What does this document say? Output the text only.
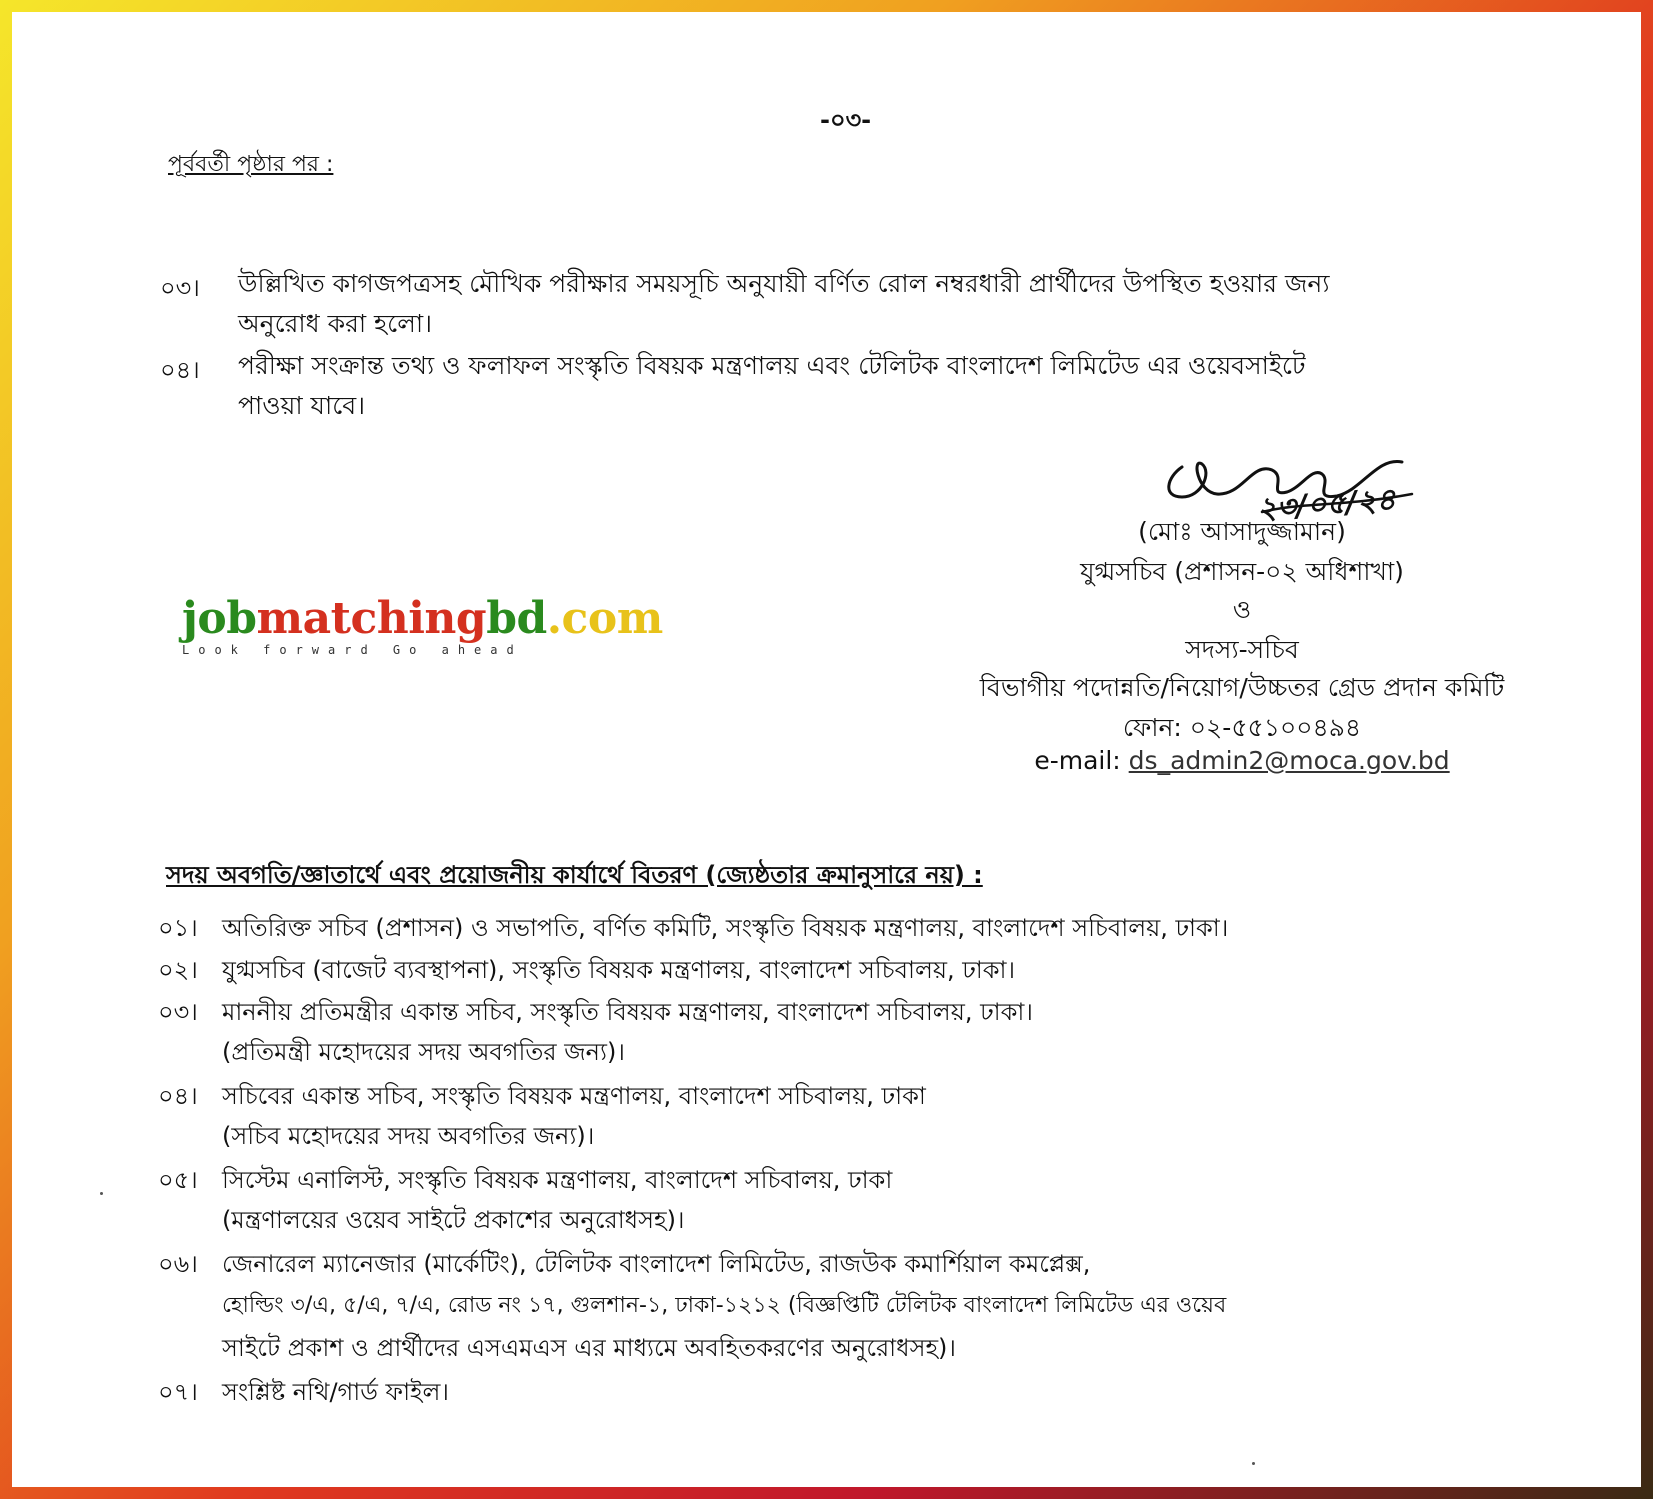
-০৩-
পূর্ববর্তী পৃষ্ঠার পর :
০৩। উল্লিখিত কাগজপত্রসহ মৌখিক পরীক্ষার সময়সূচি অনুযায়ী বর্ণিত রোল নম্বরধারী প্রার্থীদের উপস্থিত হওয়ার জন্য
অনুরোধ করা হলো।
০৪। পরীক্ষা সংক্রান্ত তথ্য ও ফলাফল সংস্কৃতি বিষয়ক মন্ত্রণালয় এবং টেলিটক বাংলাদেশ লিমিটেড এর ওয়েবসাইটে
পাওয়া যাবে।
২৩/০৫/২৪
(মোঃ আসাদুজ্জামান)
যুগ্মসচিব (প্রশাসন-০২ অধিশাখা)
ও
সদস্য-সচিব
বিভাগীয় পদোন্নতি/নিয়োগ/উচ্চতর গ্রেড প্রদান কমিটি
ফোন: ০২-৫৫১০০৪৯৪
e-mail: ds_admin2@moca.gov.bd
jobmatchingbd.com
Look forward Go ahead
সদয় অবগতি/জ্ঞাতার্থে এবং প্রয়োজনীয় কার্যার্থে বিতরণ (জ্যেষ্ঠতার ক্রমানুসারে নয়) :
০১। অতিরিক্ত সচিব (প্রশাসন) ও সভাপতি, বর্ণিত কমিটি, সংস্কৃতি বিষয়ক মন্ত্রণালয়, বাংলাদেশ সচিবালয়, ঢাকা।
০২। যুগ্মসচিব (বাজেট ব্যবস্থাপনা), সংস্কৃতি বিষয়ক মন্ত্রণালয়, বাংলাদেশ সচিবালয়, ঢাকা।
০৩। মাননীয় প্রতিমন্ত্রীর একান্ত সচিব, সংস্কৃতি বিষয়ক মন্ত্রণালয়, বাংলাদেশ সচিবালয়, ঢাকা।
(প্রতিমন্ত্রী মহোদয়ের সদয় অবগতির জন্য)।
০৪। সচিবের একান্ত সচিব, সংস্কৃতি বিষয়ক মন্ত্রণালয়, বাংলাদেশ সচিবালয়, ঢাকা
(সচিব মহোদয়ের সদয় অবগতির জন্য)।
০৫। সিস্টেম এনালিস্ট, সংস্কৃতি বিষয়ক মন্ত্রণালয়, বাংলাদেশ সচিবালয়, ঢাকা
(মন্ত্রণালয়ের ওয়েব সাইটে প্রকাশের অনুরোধসহ)।
০৬। জেনারেল ম্যানেজার (মার্কেটিং), টেলিটক বাংলাদেশ লিমিটেড, রাজউক কমার্শিয়াল কমপ্লেক্স,
হোল্ডিং ৩/এ, ৫/এ, ৭/এ, রোড নং ১৭, গুলশান-১, ঢাকা-১২১২ (বিজ্ঞপ্তিটি টেলিটক বাংলাদেশ লিমিটেড এর ওয়েব
সাইটে প্রকাশ ও প্রার্থীদের এসএমএস এর মাধ্যমে অবহিতকরণের অনুরোধসহ)।
০৭। সংশ্লিষ্ট নথি/গার্ড ফাইল।
